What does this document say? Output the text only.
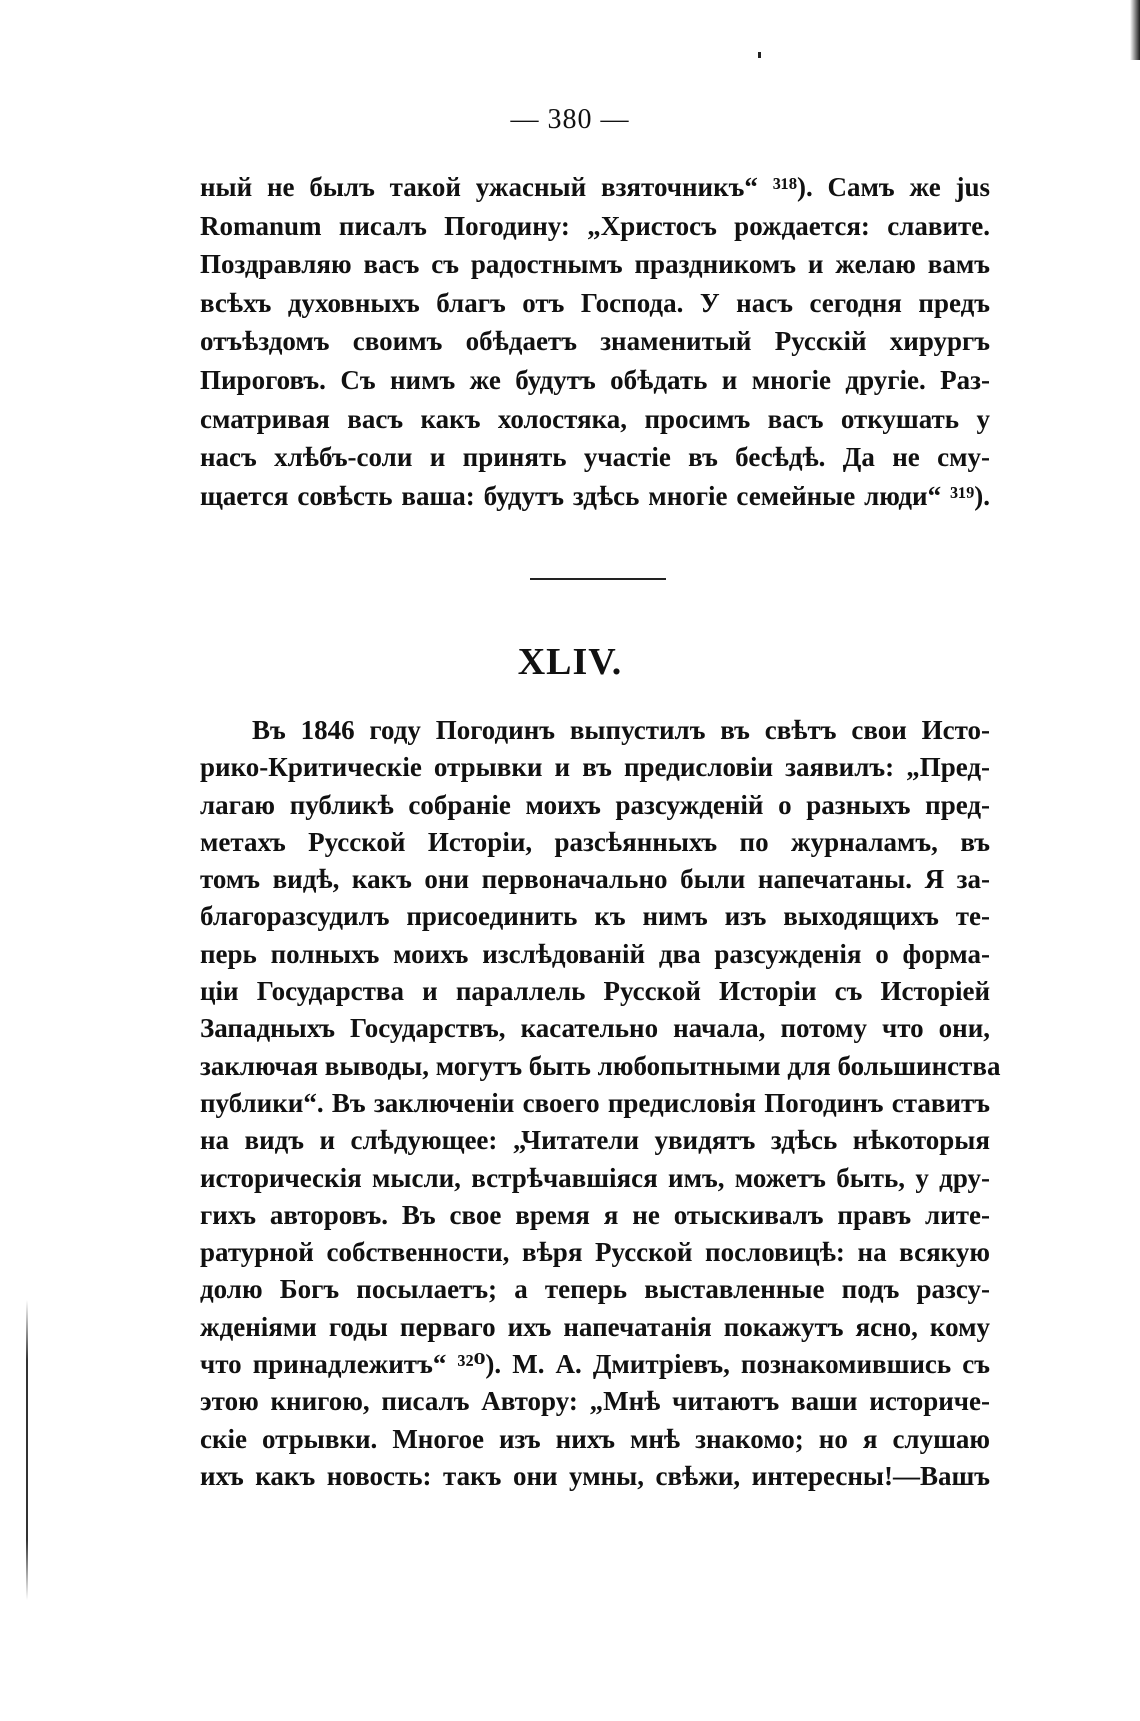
— 380 —
ный не былъ такой ужасный взяточникъ“ ³¹⁸). Самъ же jus
Romanum писалъ Погодину: „Христосъ рождается: славите.
Поздравляю васъ съ радостнымъ праздникомъ и желаю вамъ
всѣхъ духовныхъ благъ отъ Господа. У насъ сегодня предъ
отъѣздомъ своимъ обѣдаетъ знаменитый Русскій хирургъ
Пироговъ. Съ нимъ же будутъ обѣдать и многіе другіе. Раз-
сматривая васъ какъ холостяка, просимъ васъ откушать у
насъ хлѣбъ-соли и принять участіе въ бесѣдѣ. Да не сму-
щается совѣсть ваша: будутъ здѣсь многіе семейные люди“ ³¹⁹).
XLIV.
Въ 1846 году Погодинъ выпустилъ въ свѣтъ свои Исто-
рико-Критическіе отрывки и въ предисловіи заявилъ: „Пред-
лагаю публикѣ собраніе моихъ разсужденій о разныхъ пред-
метахъ Русской Исторіи, разсѣянныхъ по журналамъ, въ
томъ видѣ, какъ они первоначально были напечатаны. Я за-
благоразсудилъ присоединить къ нимъ изъ выходящихъ те-
перь полныхъ моихъ изслѣдованій два разсужденія о форма-
ціи Государства и параллель Русской Исторіи съ Исторіей
Западныхъ Государствъ, касательно начала, потому что они,
заключая выводы, могутъ быть любопытными для большинства
публики“. Въ заключеніи своего предисловія Погодинъ ставитъ
на видъ и слѣдующее: „Читатели увидятъ здѣсь нѣкоторыя
историческія мысли, встрѣчавшіяся имъ, можетъ быть, у дру-
гихъ авторовъ. Въ свое время я не отыскивалъ правъ лите-
ратурной собственности, вѣря Русской пословицѣ: на всякую
долю Богъ посылаетъ; а теперь выставленные подъ разсу-
жденіями годы перваго ихъ напечатанія покажутъ ясно, кому
что принадлежитъ“ ³²⁰). М. А. Дмитріевъ, познакомившись съ
этою книгою, писалъ Автору: „Мнѣ читаютъ ваши историче-
скіе отрывки. Многое изъ нихъ мнѣ знакомо; но я слушаю
ихъ какъ новость: такъ они умны, свѣжи, интересны!—Вашъ
